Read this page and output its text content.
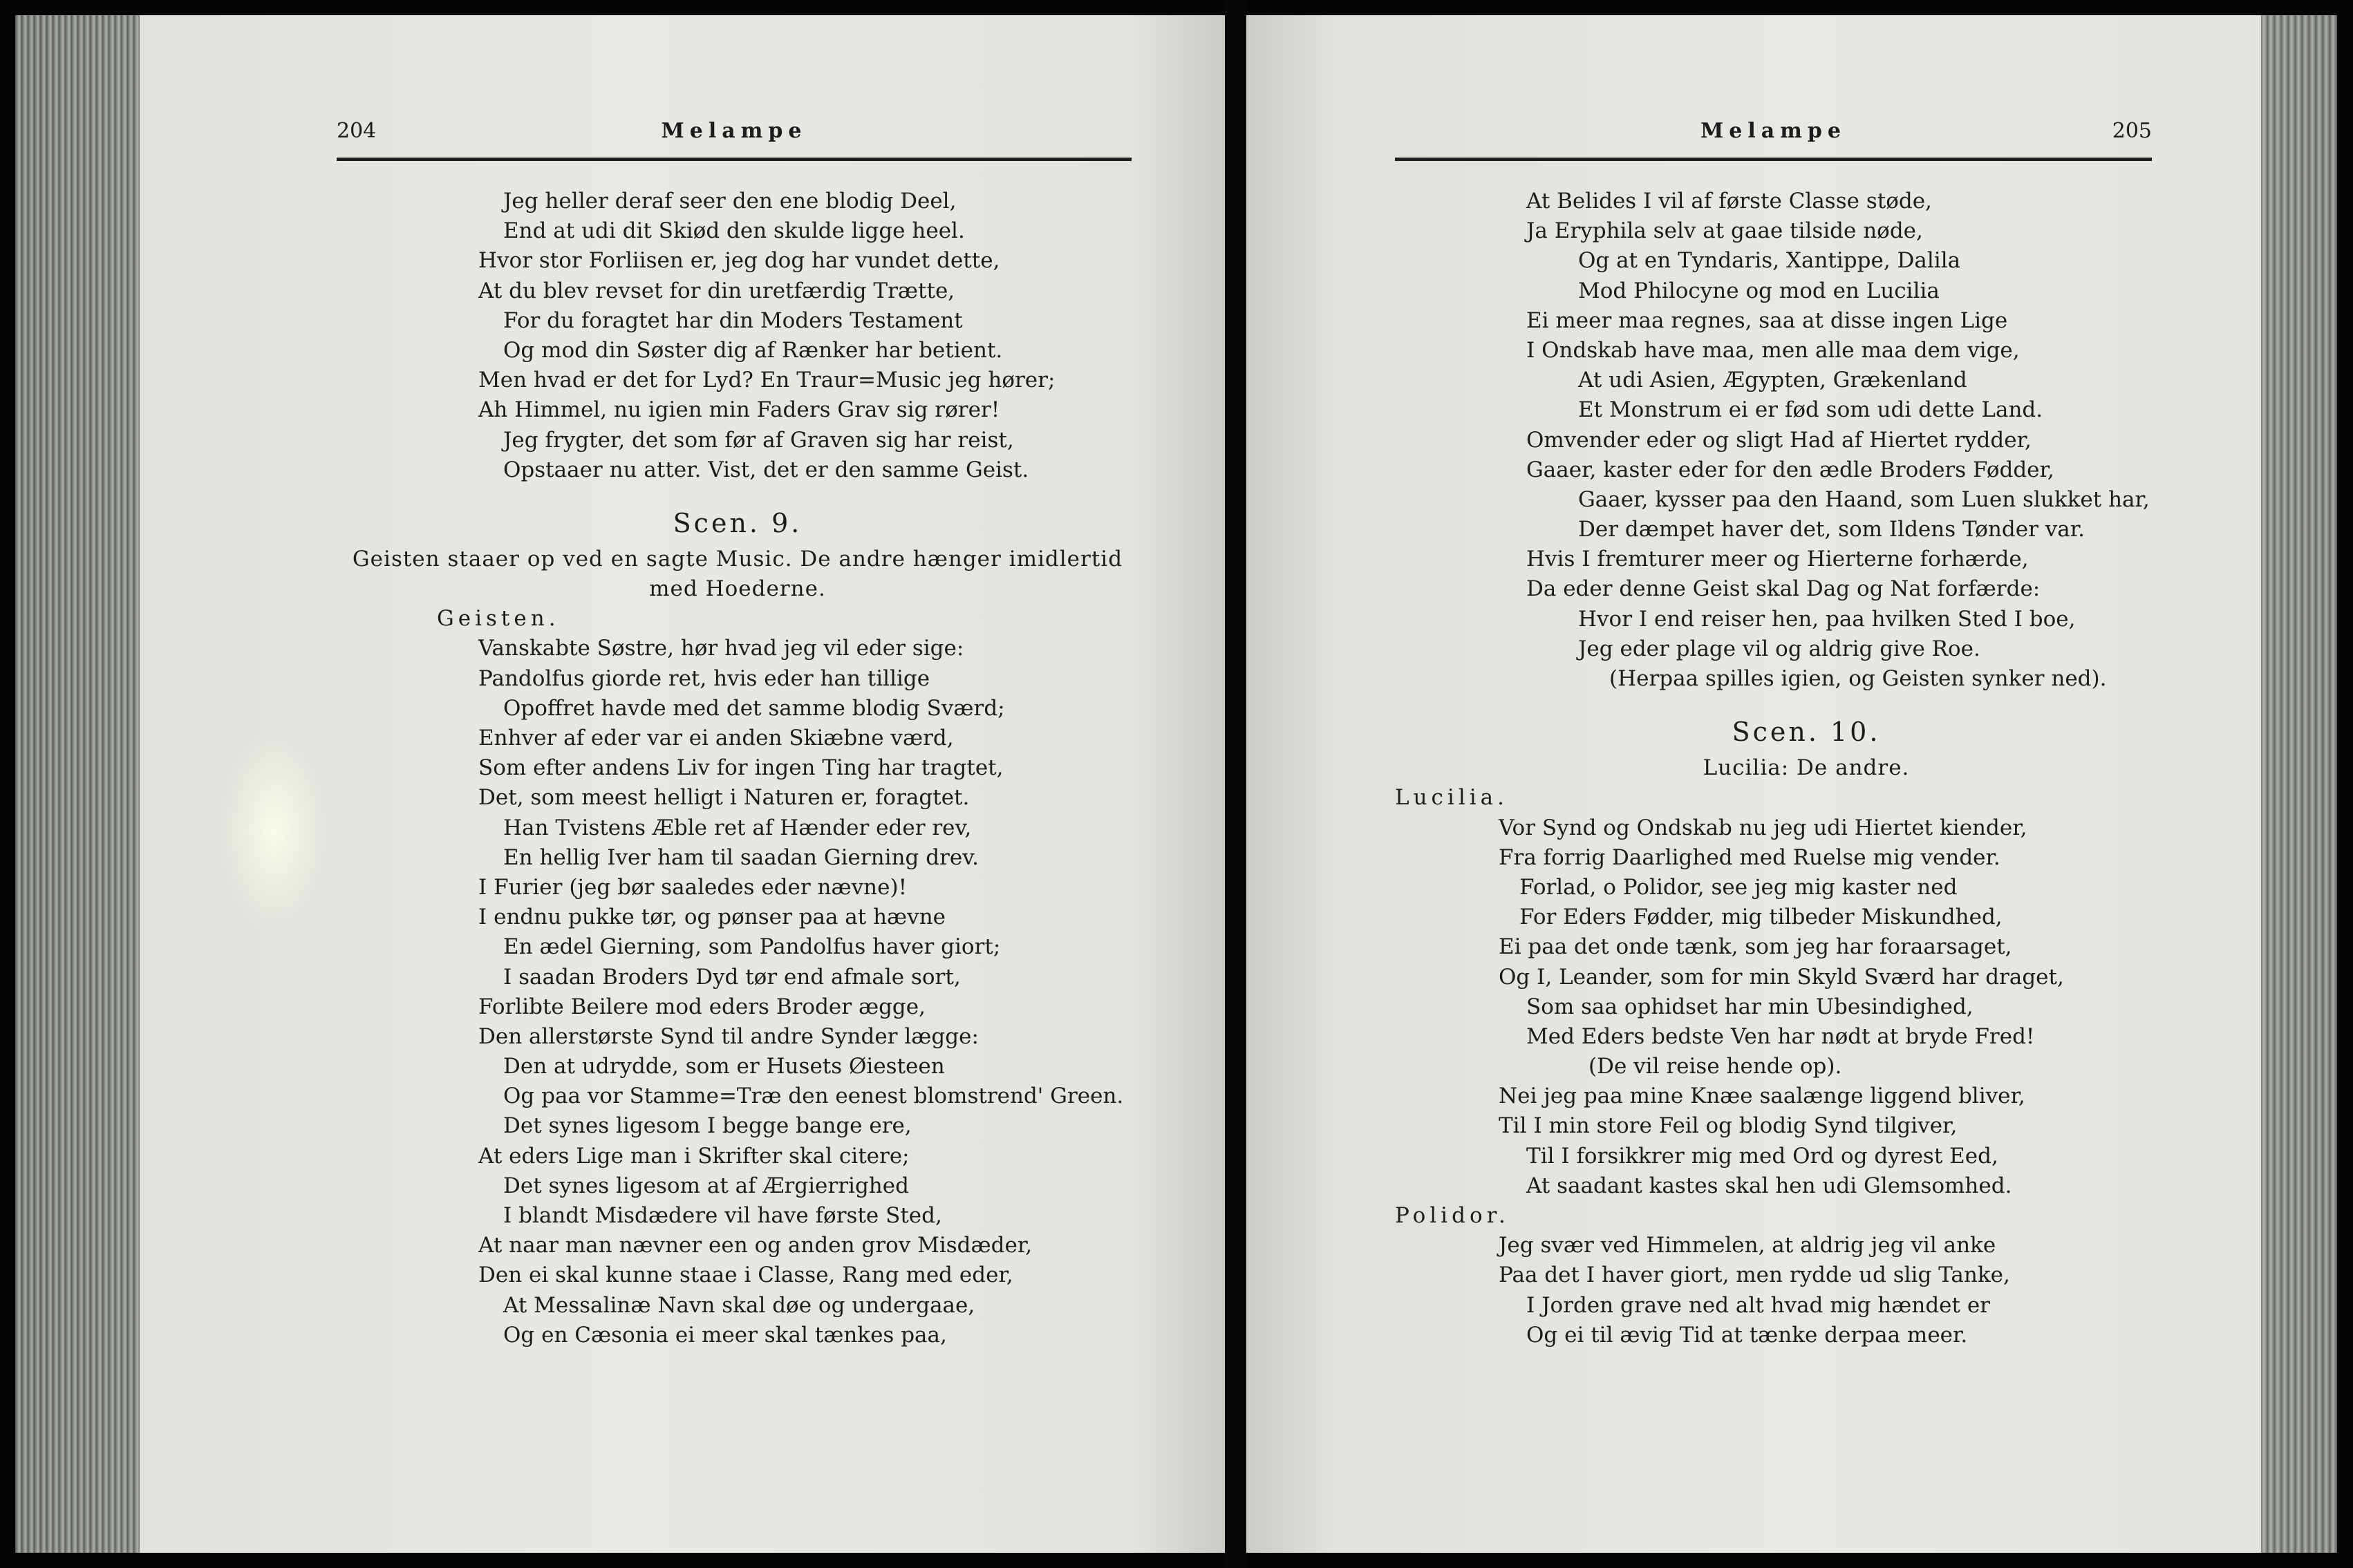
204	Melampe
Jeg heller deraf seer den ene blodig Deel,
End at udi dit Skiød den skulde ligge heel.
Hvor stor Forliisen er, jeg dog har vundet dette,
At du blev revset for din uretfærdig Trætte,
For du foragtet har din Moders Testament
Og mod din Søster dig af Rænker har betient.
Men hvad er det for Lyd? En Traur=Music jeg hører;
Ah Himmel, nu igien min Faders Grav sig rører!
Jeg frygter, det som før af Graven sig har reist,
Opstaaer nu atter. Vist, det er den samme Geist.
Scen. 9.
Geisten staaer op ved en sagte Music. De andre hænger imidlertid
med Hoederne.
Geisten.
Vanskabte Søstre, hør hvad jeg vil eder sige:
Pandolfus giorde ret, hvis eder han tillige
Opoffret havde med det samme blodig Sværd;
Enhver af eder var ei anden Skiæbne værd,
Som efter andens Liv for ingen Ting har tragtet,
Det, som meest helligt i Naturen er, foragtet.
Han Tvistens Æble ret af Hænder eder rev,
En hellig Iver ham til saadan Gierning drev.
I Furier (jeg bør saaledes eder nævne)!
I endnu pukke tør, og pønser paa at hævne
En ædel Gierning, som Pandolfus haver giort;
I saadan Broders Dyd tør end afmale sort,
Forlibte Beilere mod eders Broder ægge,
Den allerstørste Synd til andre Synder lægge:
Den at udrydde, som er Husets Øiesteen
Og paa vor Stamme=Træ den eenest blomstrend' Green.
Det synes ligesom I begge bange ere,
At eders Lige man i Skrifter skal citere;
Det synes ligesom at af Ærgierrighed
I blandt Misdædere vil have første Sted,
At naar man nævner een og anden grov Misdæder,
Den ei skal kunne staae i Classe, Rang med eder,
At Messalinæ Navn skal døe og undergaae,
Og en Cæsonia ei meer skal tænkes paa,
Melampe	205
At Belides I vil af første Classe støde,
Ja Eryphila selv at gaae tilside nøde,
Og at en Tyndaris, Xantippe, Dalila
Mod Philocyne og mod en Lucilia
Ei meer maa regnes, saa at disse ingen Lige
I Ondskab have maa, men alle maa dem vige,
At udi Asien, Ægypten, Grækenland
Et Monstrum ei er fød som udi dette Land.
Omvender eder og sligt Had af Hiertet rydder,
Gaaer, kaster eder for den ædle Broders Fødder,
Gaaer, kysser paa den Haand, som Luen slukket har,
Der dæmpet haver det, som Ildens Tønder var.
Hvis I fremturer meer og Hierterne forhærde,
Da eder denne Geist skal Dag og Nat forfærde:
Hvor I end reiser hen, paa hvilken Sted I boe,
Jeg eder plage vil og aldrig give Roe.
(Herpaa spilles igien, og Geisten synker ned).
Scen. 10.
Lucilia: De andre.
Lucilia.
Vor Synd og Ondskab nu jeg udi Hiertet kiender,
Fra forrig Daarlighed med Ruelse mig vender.
Forlad, o Polidor, see jeg mig kaster ned
For Eders Fødder, mig tilbeder Miskundhed,
Ei paa det onde tænk, som jeg har foraarsaget,
Og I, Leander, som for min Skyld Sværd har draget,
Som saa ophidset har min Ubesindighed,
Med Eders bedste Ven har nødt at bryde Fred!
(De vil reise hende op).
Nei jeg paa mine Knæe saalænge liggend bliver,
Til I min store Feil og blodig Synd tilgiver,
Til I forsikkrer mig med Ord og dyrest Eed,
At saadant kastes skal hen udi Glemsomhed.
Polidor.
Jeg svær ved Himmelen, at aldrig jeg vil anke
Paa det I haver giort, men rydde ud slig Tanke,
I Jorden grave ned alt hvad mig hændet er
Og ei til ævig Tid at tænke derpaa meer.
